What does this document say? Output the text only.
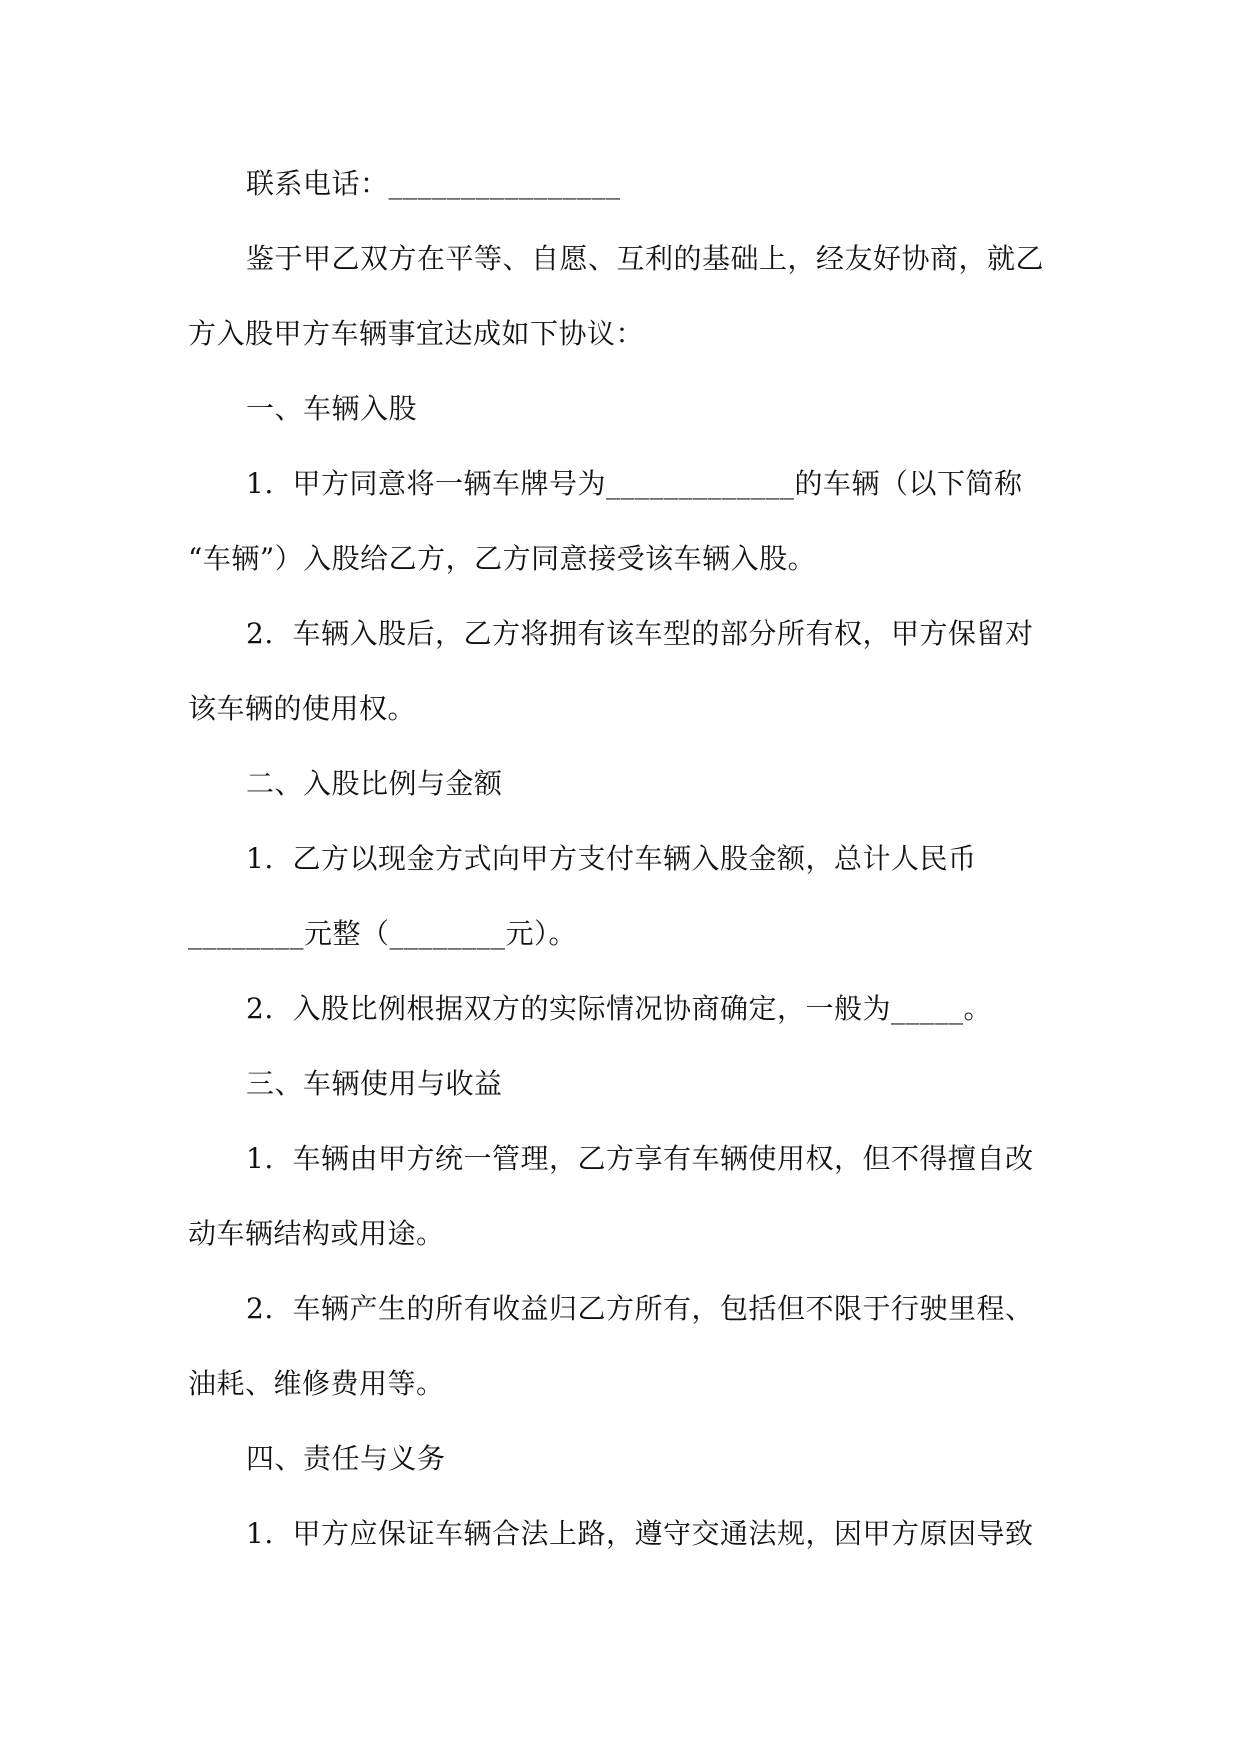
联系电话：________________

鉴于甲乙双方在平等、自愿、互利的基础上，经友好协商，就乙

方入股甲方车辆事宜达成如下协议：

一、车辆入股

1.  甲方同意将一辆车牌号为_____________的车辆（以下简称

“车辆”）入股给乙方，乙方同意接受该车辆入股。

2.  车辆入股后，乙方将拥有该车型的部分所有权，甲方保留对

该车辆的使用权。

二、入股比例与金额

1.  乙方以现金方式向甲方支付车辆入股金额，总计人民币

________元整（________元）。

2.  入股比例根据双方的实际情况协商确定，一般为_____。

三、车辆使用与收益

1.  车辆由甲方统一管理，乙方享有车辆使用权，但不得擅自改

动车辆结构或用途。

2.  车辆产生的所有收益归乙方所有，包括但不限于行驶里程、

油耗、维修费用等。

四、责任与义务

1.  甲方应保证车辆合法上路，遵守交通法规，因甲方原因导致
